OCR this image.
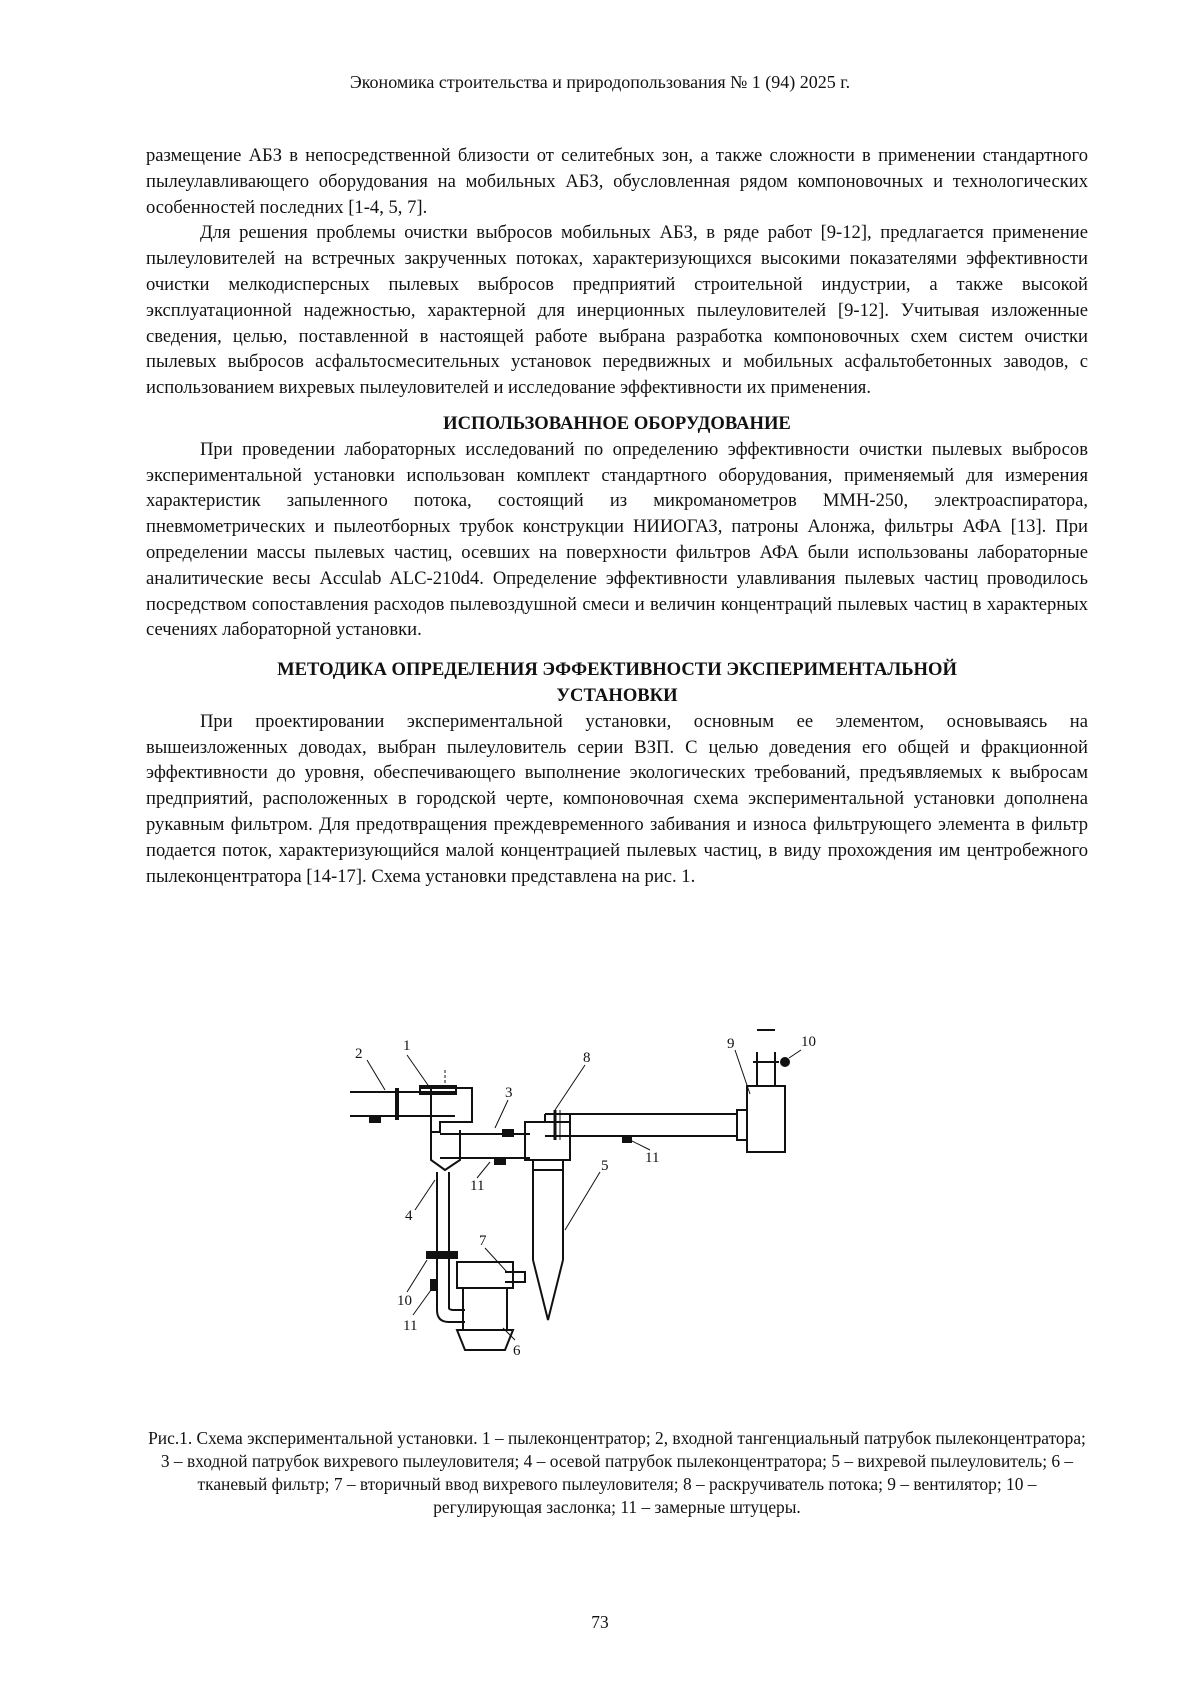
Экономика строительства и природопользования № 1 (94) 2025 г.

размещение АБЗ в непосредственной близости от селитебных зон, а также сложности в применении стандартного пылеулавливающего оборудования на мобильных АБЗ, обусловленная рядом компоновочных и технологических особенностей последних [1-4, 5, 7].

Для решения проблемы очистки выбросов мобильных АБЗ, в ряде работ [9-12], предлагается применение пылеуловителей на встречных закрученных потоках, характеризующихся высокими показателями эффективности очистки мелкодисперсных пылевых выбросов предприятий строительной индустрии, а также высокой эксплуатационной надежностью, характерной для инерционных пылеуловителей [9-12]. Учитывая изложенные сведения, целью, поставленной в настоящей работе выбрана разработка компоновочных схем систем очистки пылевых выбросов асфальтосмесительных установок передвижных и мобильных асфальтобетонных заводов, с использованием вихревых пылеуловителей и исследование эффективности их применения.

ИСПОЛЬЗОВАННОЕ ОБОРУДОВАНИЕ

При проведении лабораторных исследований по определению эффективности очистки пылевых выбросов экспериментальной установки использован комплект стандартного оборудования, применяемый для измерения характеристик запыленного потока, состоящий из микроманометров ММН-250, электроаспиратора, пневмометрических и пылеотборных трубок конструкции НИИОГАЗ, патроны Алонжа, фильтры АФА [13]. При определении массы пылевых частиц, осевших на поверхности фильтров АФА были использованы лабораторные аналитические весы Acculab ALC-210d4. Определение эффективности улавливания пылевых частиц проводилось посредством сопоставления расходов пылевоздушной смеси и величин концентраций пылевых частиц в характерных сечениях лабораторной установки.

МЕТОДИКА ОПРЕДЕЛЕНИЯ ЭФФЕКТИВНОСТИ ЭКСПЕРИМЕНТАЛЬНОЙ УСТАНОВКИ

При проектировании экспериментальной установки, основным ее элементом, основываясь на вышеизложенных доводах, выбран пылеуловитель серии ВЗП. С целью доведения его общей и фракционной эффективности до уровня, обеспечивающего выполнение экологических требований, предъявляемых к выбросам предприятий, расположенных в городской черте, компоновочная схема экспериментальной установки дополнена рукавным фильтром. Для предотвращения преждевременного забивания и износа фильтрующего элемента в фильтр подается поток, характеризующийся малой концентрацией пылевых частиц, в виду прохождения им центробежного пылеконцентратора [14-17]. Схема установки представлена на рис. 1.

2	1
3
8
9	10
11
11
5
4
7
10
11
6
Рис.1. Схема экспериментальной установки. 1 – пылеконцентратор; 2, входной тангенциальный патрубок пылеконцентратора; 3 – входной патрубок вихревого пылеуловителя; 4 – осевой патрубок пылеконцентратора; 5 – вихревой пылеуловитель; 6 – тканевый фильтр; 7 – вторичный ввод вихревого пылеуловителя; 8 – раскручиватель потока; 9 – вентилятор; 10 – регулирующая заслонка; 11 – замерные штуцеры.
73
